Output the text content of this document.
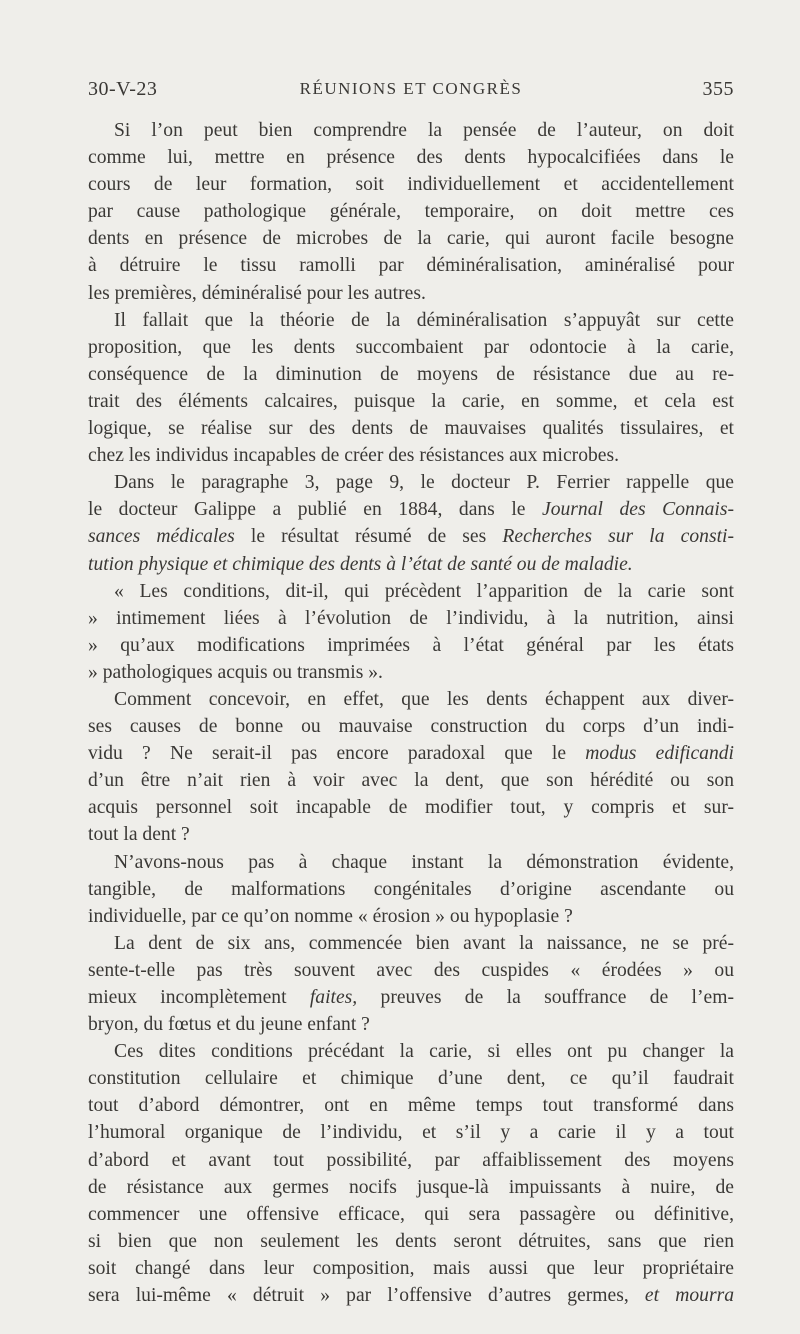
30-V-23	RÉUNIONS ET CONGRÈS	355
Si l’on peut bien comprendre la pensée de l’auteur, on doit
comme lui, mettre en présence des dents hypocalcifiées dans le
cours de leur formation, soit individuellement et accidentellement
par cause pathologique générale, temporaire, on doit mettre ces
dents en présence de microbes de la carie, qui auront facile besogne
à détruire le tissu ramolli par déminéralisation, aminéralisé pour
les premières, déminéralisé pour les autres.
Il fallait que la théorie de la déminéralisation s’appuyât sur cette
proposition, que les dents succombaient par odontocie à la carie,
conséquence de la diminution de moyens de résistance due au re-
trait des éléments calcaires, puisque la carie, en somme, et cela est
logique, se réalise sur des dents de mauvaises qualités tissulaires, et
chez les individus incapables de créer des résistances aux microbes.
Dans le paragraphe 3, page 9, le docteur P. Ferrier rappelle que
le docteur Galippe a publié en 1884, dans le Journal des Connais-
sances médicales le résultat résumé de ses Recherches sur la consti-
tution physique et chimique des dents à l’état de santé ou de maladie.
« Les conditions, dit-il, qui précèdent l’apparition de la carie sont
» intimement liées à l’évolution de l’individu, à la nutrition, ainsi
» qu’aux modifications imprimées à l’état général par les états
» pathologiques acquis ou transmis ».
Comment concevoir, en effet, que les dents échappent aux diver-
ses causes de bonne ou mauvaise construction du corps d’un indi-
vidu ? Ne serait-il pas encore paradoxal que le modus edificandi
d’un être n’ait rien à voir avec la dent, que son hérédité ou son
acquis personnel soit incapable de modifier tout, y compris et sur-
tout la dent ?
N’avons-nous pas à chaque instant la démonstration évidente,
tangible, de malformations congénitales d’origine ascendante ou
individuelle, par ce qu’on nomme « érosion » ou hypoplasie ?
La dent de six ans, commencée bien avant la naissance, ne se pré-
sente-t-elle pas très souvent avec des cuspides « érodées » ou
mieux incomplètement faites, preuves de la souffrance de l’em-
bryon, du fœtus et du jeune enfant ?
Ces dites conditions précédant la carie, si elles ont pu changer la
constitution cellulaire et chimique d’une dent, ce qu’il faudrait
tout d’abord démontrer, ont en même temps tout transformé dans
l’humoral organique de l’individu, et s’il y a carie il y a tout
d’abord et avant tout possibilité, par affaiblissement des moyens
de résistance aux germes nocifs jusque-là impuissants à nuire, de
commencer une offensive efficace, qui sera passagère ou définitive,
si bien que non seulement les dents seront détruites, sans que rien
soit changé dans leur composition, mais aussi que leur propriétaire
sera lui-même « détruit » par l’offensive d’autres germes, et mourra
